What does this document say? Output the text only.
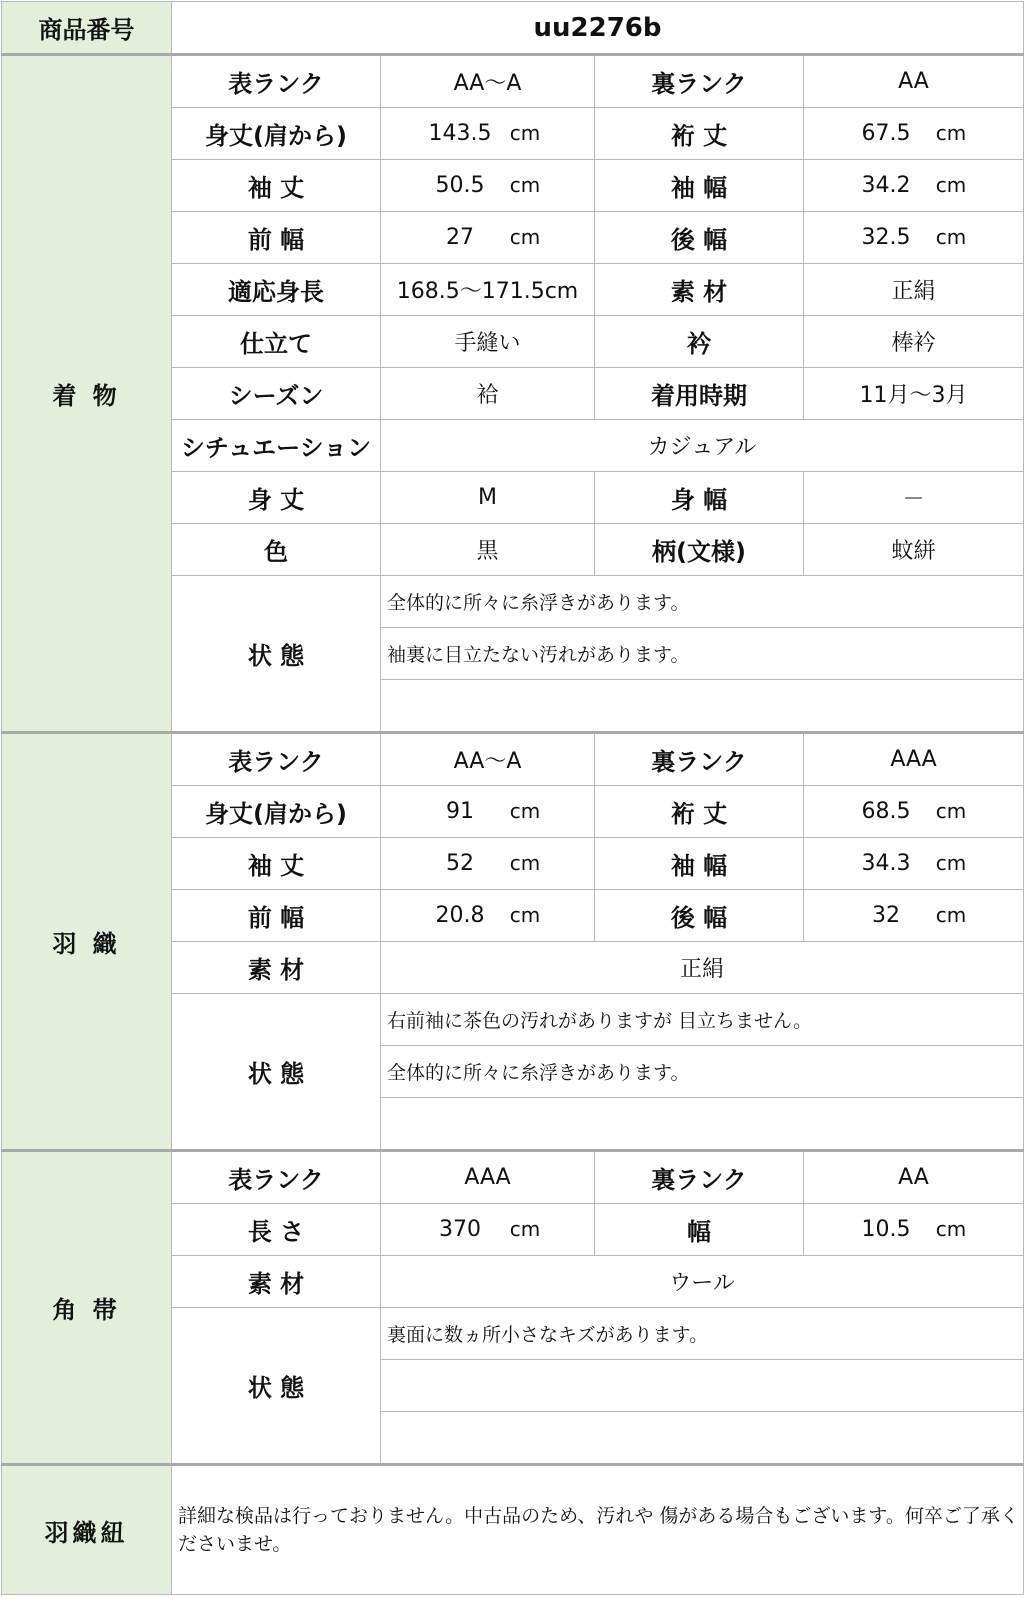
商品番号	uu2276b			
着 物	表ランク	AA〜A	裏ランク	AA
	身丈(肩から)	143.5 cm	裄 丈	67.5 cm
	袖 丈	50.5 cm	袖 幅	34.2 cm
	前 幅	27 cm	後 幅	32.5 cm
	適応身長	168.5〜171.5cm	素 材	正絹
	仕立て	手縫い	衿	棒衿
	シーズン	袷	着用時期	11月〜3月
	シチュエーション	カジュアル		
	身 丈	M	身 幅	－
	色	黒	柄(文様)	蚊絣
	状 態	全体的に所々に糸浮きがあります。		
		袖裏に目立たない汚れがあります。		

羽 織	表ランク	AA〜A	裏ランク	AAA
	身丈(肩から)	91 cm	裄 丈	68.5 cm
	袖 丈	52 cm	袖 幅	34.3 cm
	前 幅	20.8 cm	後 幅	32 cm
	素 材	正絹		
	状 態	右前袖に茶色の汚れがありますが 目立ちません。		
		全体的に所々に糸浮きがあります。		

角 帯	表ランク	AAA	裏ランク	AA
	長 さ	370 cm	幅	10.5 cm
	素 材	ウール		
	状 態	裏面に数ヵ所小さなキズがあります。		

羽織紐	詳細な検品は行っておりません。中古品のため、汚れや 傷がある場合もございます。何卒ご了承くださいませ。			
